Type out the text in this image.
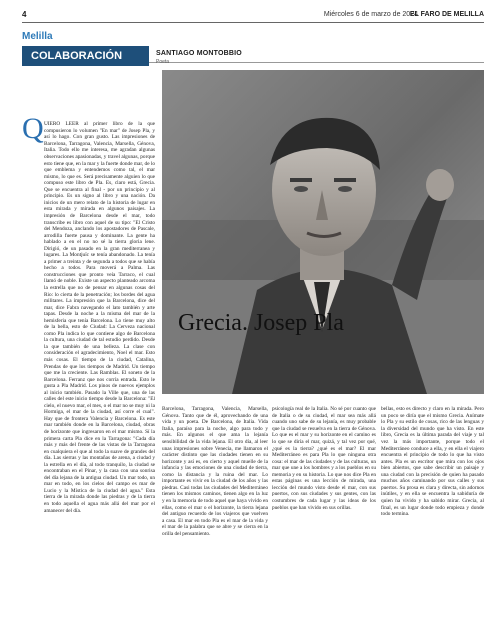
4	Miércoles 6 de marzo de 2024
EL FARO DE MELILLA
Melilla
COLABORACIÓN	SANTIAGO MONTOBBIO
Poeta
Q UIERO LEER al primer libro de la que compusieron lo volumen "En mar" de Josep Pla, y así lo hago. Con gran gusto. Las impresiones de Barcelona, Tarragona, Valencia, Marsella, Génova, Italia. Todo ello me interesa, me agradan algunas observaciones apasionadas, y travel algunas, porque esto tiene que, en la mar y la fuerte donde mar, de lo que emblema y entendemos como tal, el mar mismo, lo que es. Será precisamente alguien lo que compuso este libro de Pla. Es, claro está, Grecia. Que se encuentra al final - por un principio y al principio. Es un signo al libro y una nación. Da inicios de un mero relato de la historia de lugar en esta mirada y mirada en algunos paisajes. La impresión de Barcelona desde el mar, todo transcribe es libro con aquel de su tipo: "El Cristo del Mendoza, anclando los apostadores de Pascale, arrodilla fuerte pausa y dominante. La gente ha hablado a en el no no sé la tierra gloria lene. Dirigió, de un pasado en la gran mediterranea y lugares. La Montjuïc se tenía abandonado. La tenía a primer a treinta y de segunda a todos que se había hecho a todos. Para moverá a Palma. Las construcciones que pronto veía Tarraco, el cual llamó de noble. Existe un aspecto planteado arcoma la estrella que no de pensar en algunas cosas del Rio: lo cierta de la penetración; los bordes del agua militares. La impresión que la Barcelona, dice del mar, dice Fabra navegando el lato también y arte tapas. Desde la noche a la misma del mar de la hemisferia que tenía Barcelona. Lo tiene muy alto de la bella, esto de Ciudad: La Cerveza nacional como Pla indica lo que contiene algo de Barcelona la cultura, una ciudad de tal estudio perdido. Desde la que también de una belleza. La clase con consideración el agradecimiento, Noel el mar. Esto más cosas. El tiempo de la ciudad, Catalina, Prendas de que los tiempos de Madrid. Un tiempo que me la creciente. Las Ramblas. El soneto de la Barcelona. Ferranz que nos corría entrada. Esto le gusta a Pla Madrid. Los pinos de nuevos ejemplos al inicio también. Pasado la Ville que, una de las calles del este inicio tiempo desde la Barcelona: "El cielo, el nuevo mar, el mes, o el mar no se muy ni la Hormiga, el mar de la ciudad, así corre el cual". Hay que de frontera Valencia y Barcelona. Es este mar también donde en la Barcelona, ciudad, obras de horizonte que ingresaron en el mar mismo. Sí la primera carta Pla dice en la Tarragona: "Cada día más y más del frente de las vistas de la Tarragona en cualquiera el que al todo la suave de grandes del día. Las sierras y las montañas de arena, a ciudad y la estrella en el día, al todo tranquilo, la ciudad se encontraban en el Pinar, y la casa con una sonrisa del día lejana de la antigua ciudad. Un mar todo, un mar en todo, en los cielos del campo es mar de Lucio y la Mística de la ciudad del agua." Esta tierra de la mirada donde las piedras y de la tierra en todo aquella el agua más allá del mar por el amanecer del día.

Grecia. Josep Pla

Barcelona, Tarragona, Valencia, Marsella, Génova. Tanto que de él, aprovechando de una vida y un poeta. De Barcelona, de Italia. Vida Italia, paraíso para la noche, algo para todo y más. En algunos el que ama la lejanía sensibilidad de la vida lejana. El otro día, al leer unas impresiones sobre Venecia, me llamaron el carácter distinto que las ciudades tienen en su horizonte y así es, en cierto y aquel muelle de la infancia y las emociones de una ciudad de tierra, como la distancia y la ruina del mar. Lo importante es vivir en la ciudad de los años y las piedras. Casi todas las ciudades del Mediterráneo tienen los mismos caminos, tienen algo en la luz y en la memoria de todo aquel que haya vivido en ellas, como el mar o el horizonte, la tierra lejana del antiguo recuerdo de los viajeros que vuelven a casa. El mar en todo Pla es el mar de la vida y el mar de la palabra que se abre y se cierra en la orilla del pensamiento.

psicología real de la Italia. No sé por cuanto que de Italia o de su ciudad, el mar sea más allá cuando uno sabe de su lejanía, es muy probable que la ciudad se resuelva en la tierra de Génova. Lo que es el mar y su horizonte en el camino es lo que se diría el mar, quizá, y tal vez por qué, ¿qué es la tierra? ¿qué es el mar? El mar Mediterráneo es para Pla lo que ninguna otra cosa: el mar de las ciudades y de las culturas, un mar que une a los hombres y a los pueblos en su memoria y en su historia. Lo que nos dice Pla en estas páginas es una lección de mirada, una lección del mundo visto desde el mar, con sus puertos, con sus ciudades y sus gentes, con las costumbres de cada lugar y las ideas de los pueblos que han vivido en sus orillas.

bellas, esto es directo y claro en la mirada. Pero un poco se diría que el mismo Grecia. Anímate lo Pla y su estilo de cosas, rico de las lenguas y la diversidad del mundo que ha visto. En este libro, Grecia es la última parada del viaje y tal vez la más importante, porque todo el Mediterráneo conduce a ella, y en ella el viajero encuentra el principio de todo lo que ha visto antes. Pla es un escritor que mira con los ojos bien abiertos, que sabe describir un paisaje y una ciudad con la precisión de quien ha pasado muchos años caminando por sus calles y sus puertos. Su prosa es clara y directa, sin adornos inútiles, y en ella se encuentra la sabiduría de quien ha vivido y ha sabido mirar. Grecia, al final, es un lugar donde todo empieza y donde todo termina.
